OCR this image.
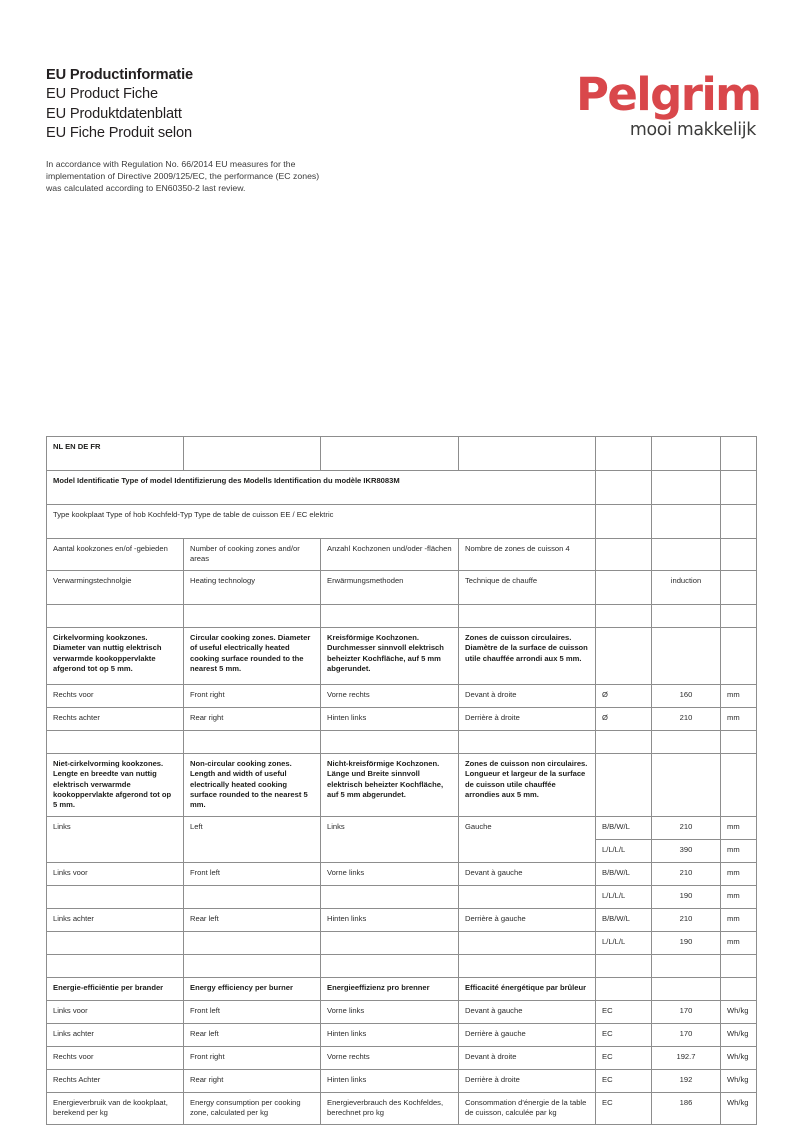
EU Productinformatie
EU Product Fiche
EU Produktdatenblatt
EU Fiche Produit selon
In accordance with Regulation No. 66/2014 EU measures for the implementation of Directive 2009/125/EC, the performance (EC zones) was calculated according to EN60350-2 last review.
Pelgrim
mooi makkelijk
NL EN DE FR						
Model Identificatie Type of model Identifizierung des Modells Identification du modèle IKR8083M						
Type kookplaat Type of hob Kochfeld-Typ Type de table de cuisson EE / EC elektric						
Aantal kookzones en/of -gebieden	Number of cooking zones and/or areas	Anzahl Kochzonen und/oder -flächen	Nombre de zones de cuisson 4			
Verwarmingstechnolgie	Heating technology	Erwärmungsmethoden	Technique de chauffe		induction	

Cirkelvorming kookzones. Diameter van nuttig elektrisch verwarmde kookoppervlakte afgerond tot op 5 mm.	Circular cooking zones. Diameter of useful electrically heated cooking surface rounded to the nearest 5 mm.	Kreisförmige Kochzonen. Durchmesser sinnvoll elektrisch beheizter Kochfläche, auf 5 mm abgerundet.	Zones de cuisson circulaires. Diamètre de la surface de cuisson utile chauffée arrondi aux 5 mm.			
Rechts voor	Front right	Vorne rechts	Devant à droite	Ø	160	mm
Rechts achter	Rear right	Hinten links	Derrière à droite	Ø	210	mm

Niet-cirkelvorming kookzones. Lengte en breedte van nuttig elektrisch verwarmde kookoppervlakte afgerond tot op 5 mm.	Non-circular cooking zones. Length and width of useful electrically heated cooking surface rounded to the nearest 5 mm.	Nicht-kreisförmige Kochzonen. Länge und Breite sinnvoll elektrisch beheizter Kochfläche, auf 5 mm abgerundet.	Zones de cuisson non circulaires. Longueur et largeur de la surface de cuisson utile chauffée arrondies aux 5 mm.			
Links	Left	Links	Gauche	B/B/W/L	210	mm
				L/L/L/L	390	mm
Links voor	Front left	Vorne links	Devant à gauche	B/B/W/L	210	mm
				L/L/L/L	190	mm
Links achter	Rear left	Hinten links	Derrière à gauche	B/B/W/L	210	mm
				L/L/L/L	190	mm

Energie-efficiëntie per brander	Energy efficiency per burner	Energieeffizienz pro brenner	Efficacité énergétique par brûleur			
Links voor	Front left	Vorne links	Devant à gauche	EC	170	Wh/kg
Links achter	Rear left	Hinten links	Derrière à gauche	EC	170	Wh/kg
Rechts voor	Front right	Vorne rechts	Devant à droite	EC	192.7	Wh/kg
Rechts Achter	Rear right	Hinten links	Derrière à droite	EC	192	Wh/kg
Energieverbruik van de kookplaat, berekend per kg	Energy consumption per cooking zone, calculated per kg	Energieverbrauch des Kochfeldes, berechnet pro kg	Consommation d'énergie de la table de cuisson, calculée par kg	EC	186	Wh/kg
